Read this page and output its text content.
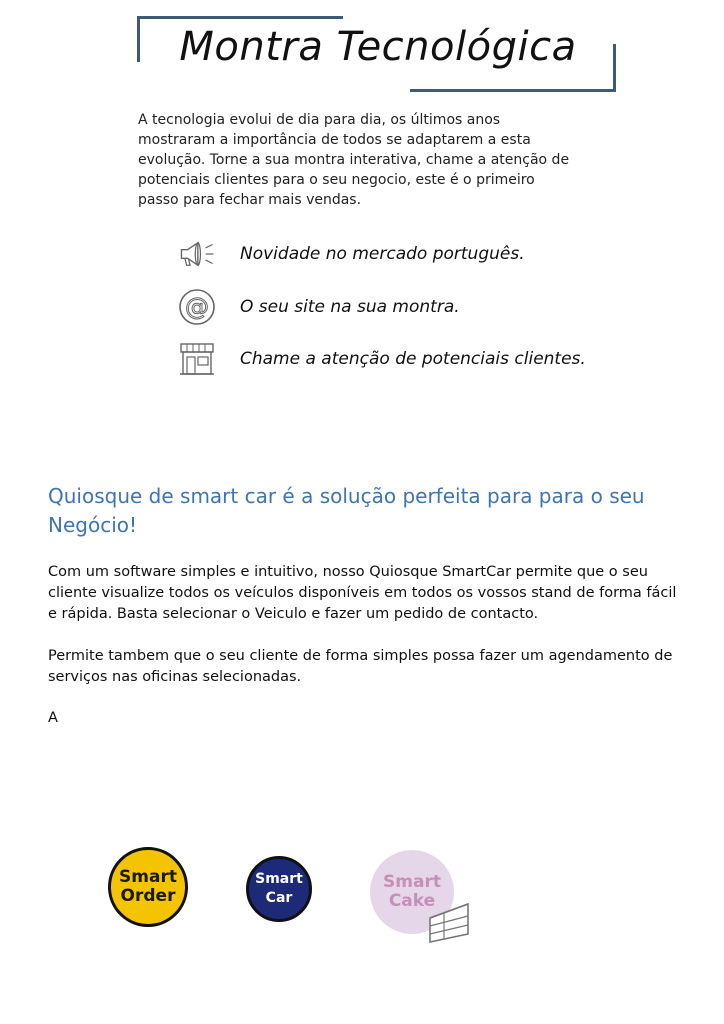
Montra Tecnológica
A tecnologia evolui de dia para dia, os últimos anos mostraram a importância de todos se adaptarem a esta evolução. Torne a sua montra interativa, chame a atenção de potenciais clientes para o seu negocio, este é o primeiro passo para fechar mais vendas.
Novidade no mercado português.
@ O seu site na sua montra.
Chame a atenção de potenciais clientes.
Quiosque de smart car é a solução perfeita para para o seu Negócio!
Com um software simples e intuitivo, nosso Quiosque SmartCar permite que o seu cliente visualize todos os veículos disponíveis em todos os vossos stand de forma fácil e rápida. Basta selecionar o Veiculo e fazer um pedido de contacto.
Permite tambem que o seu cliente de forma simples possa fazer um agendamento de serviços nas oficinas selecionadas.
A
Smart
Order
Smart
Car
Smart
Cake
